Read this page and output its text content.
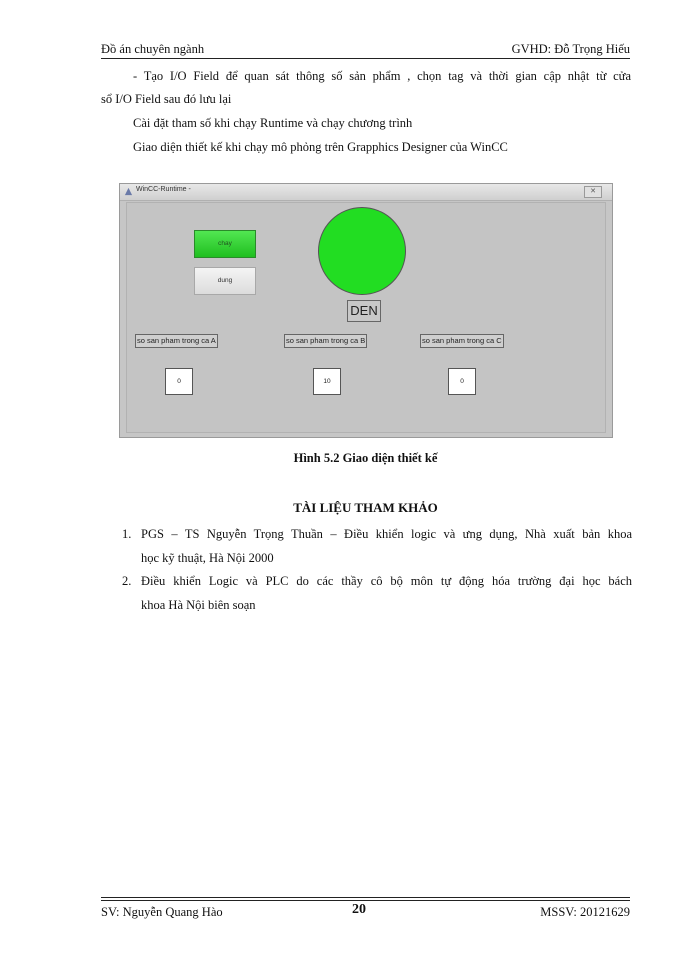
Đồ án chuyên ngành	GVHD: Đỗ Trọng Hiếu
- Tạo I/O Field để quan sát thông số sản phẩm , chọn tag và thời gian cập nhật từ cửa
sổ I/O Field sau đó lưu lại
Cài đặt tham số khi chạy Runtime và chạy chương trình
Giao diện thiết kế khi chạy mô phỏng trên Grapphics Designer của WinCC
WinCC-Runtime -	✕
chay
dung
DEN
so san pham trong ca A	so san pham trong ca B	so san pham trong ca C
0	10	0
Hình 5.2 Giao diện thiết kế
TÀI LIỆU THAM KHẢO
1. PGS – TS Nguyễn Trọng Thuần – Điều khiển logic và ưng dụng, Nhà xuất bản khoa
học kỹ thuật, Hà Nội 2000
2. Điều khiển Logic và PLC do các thầy cô bộ môn tự động hóa trường đại học bách
khoa Hà Nội biên soạn
SV: Nguyễn Quang Hào	20	MSSV: 20121629
